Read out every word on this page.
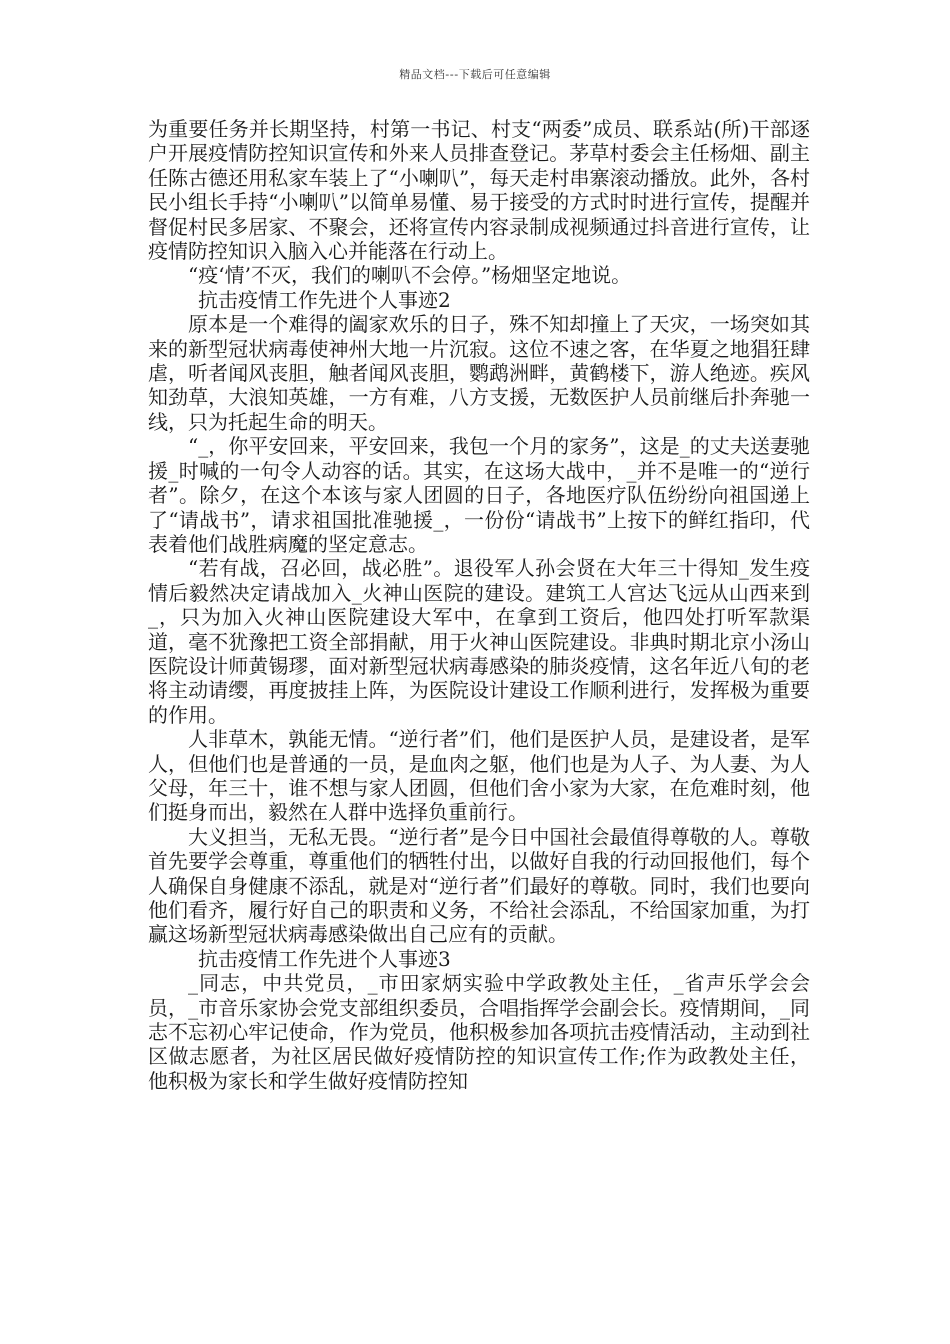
精品文档---下载后可任意编辑

为重要任务并长期坚持，村第一书记、村支“两委”成员、联系站(所)干部逐户开展疫情防控知识宣传和外来人员排查登记。茅草村委会主任杨畑、副主任陈古德还用私家车装上了“小喇叭”，每天走村串寨滚动播放。此外，各村民小组长手持“小喇叭”以简单易懂、易于接受的方式时时进行宣传，提醒并督促村民多居家、不聚会，还将宣传内容录制成视频通过抖音进行宣传，让疫情防控知识入脑入心并能落在行动上。

“疫‘情’不灭，我们的喇叭不会停。”杨畑坚定地说。

抗击疫情工作先进个人事迹2

原本是一个难得的阖家欢乐的日子，殊不知却撞上了天灾，一场突如其来的新型冠状病毒使神州大地一片沉寂。这位不速之客，在华夏之地猖狂肆虐，听者闻风丧胆，触者闻风丧胆，鹦鹉洲畔，黄鹤楼下，游人绝迹。疾风知劲草，大浪知英雄，一方有难，八方支援，无数医护人员前继后扑奔驰一线，只为托起生命的明天。

“_，你平安回来，平安回来，我包一个月的家务”，这是_的丈夫送妻驰援_时喊的一句令人动容的话。其实，在这场大战中，_并不是唯一的“逆行者”。除夕，在这个本该与家人团圆的日子，各地医疗队伍纷纷向祖国递上了“请战书”，请求祖国批准驰援_，一份份“请战书”上按下的鲜红指印，代表着他们战胜病魔的坚定意志。

“若有战，召必回，战必胜”。退役军人孙会贤在大年三十得知_发生疫情后毅然决定请战加入_火神山医院的建设。建筑工人宫达飞远从山西来到_，只为加入火神山医院建设大军中，在拿到工资后，他四处打听军款渠道，毫不犹豫把工资全部捐献，用于火神山医院建设。非典时期北京小汤山医院设计师黄锡璆，面对新型冠状病毒感染的肺炎疫情，这名年近八旬的老将主动请缨，再度披挂上阵，为医院设计建设工作顺利进行，发挥极为重要的作用。

人非草木，孰能无情。“逆行者”们，他们是医护人员，是建设者，是军人，但他们也是普通的一员，是血肉之躯，他们也是为人子、为人妻、为人父母，年三十，谁不想与家人团圆，但他们舍小家为大家，在危难时刻，他们挺身而出，毅然在人群中选择负重前行。

大义担当，无私无畏。“逆行者”是今日中国社会最值得尊敬的人。尊敬首先要学会尊重，尊重他们的牺牲付出，以做好自我的行动回报他们，每个人确保自身健康不添乱，就是对“逆行者”们最好的尊敬。同时，我们也要向他们看齐，履行好自己的职责和义务，不给社会添乱，不给国家加重，为打赢这场新型冠状病毒感染做出自己应有的贡献。

抗击疫情工作先进个人事迹3

_同志，中共党员，_市田家炳实验中学政教处主任，_省声乐学会会员，_市音乐家协会党支部组织委员，合唱指挥学会副会长。疫情期间，_同志不忘初心牢记使命，作为党员，他积极参加各项抗击疫情活动，主动到社区做志愿者，为社区居民做好疫情防控的知识宣传工作;作为政教处主任，他积极为家长和学生做好疫情防控知
